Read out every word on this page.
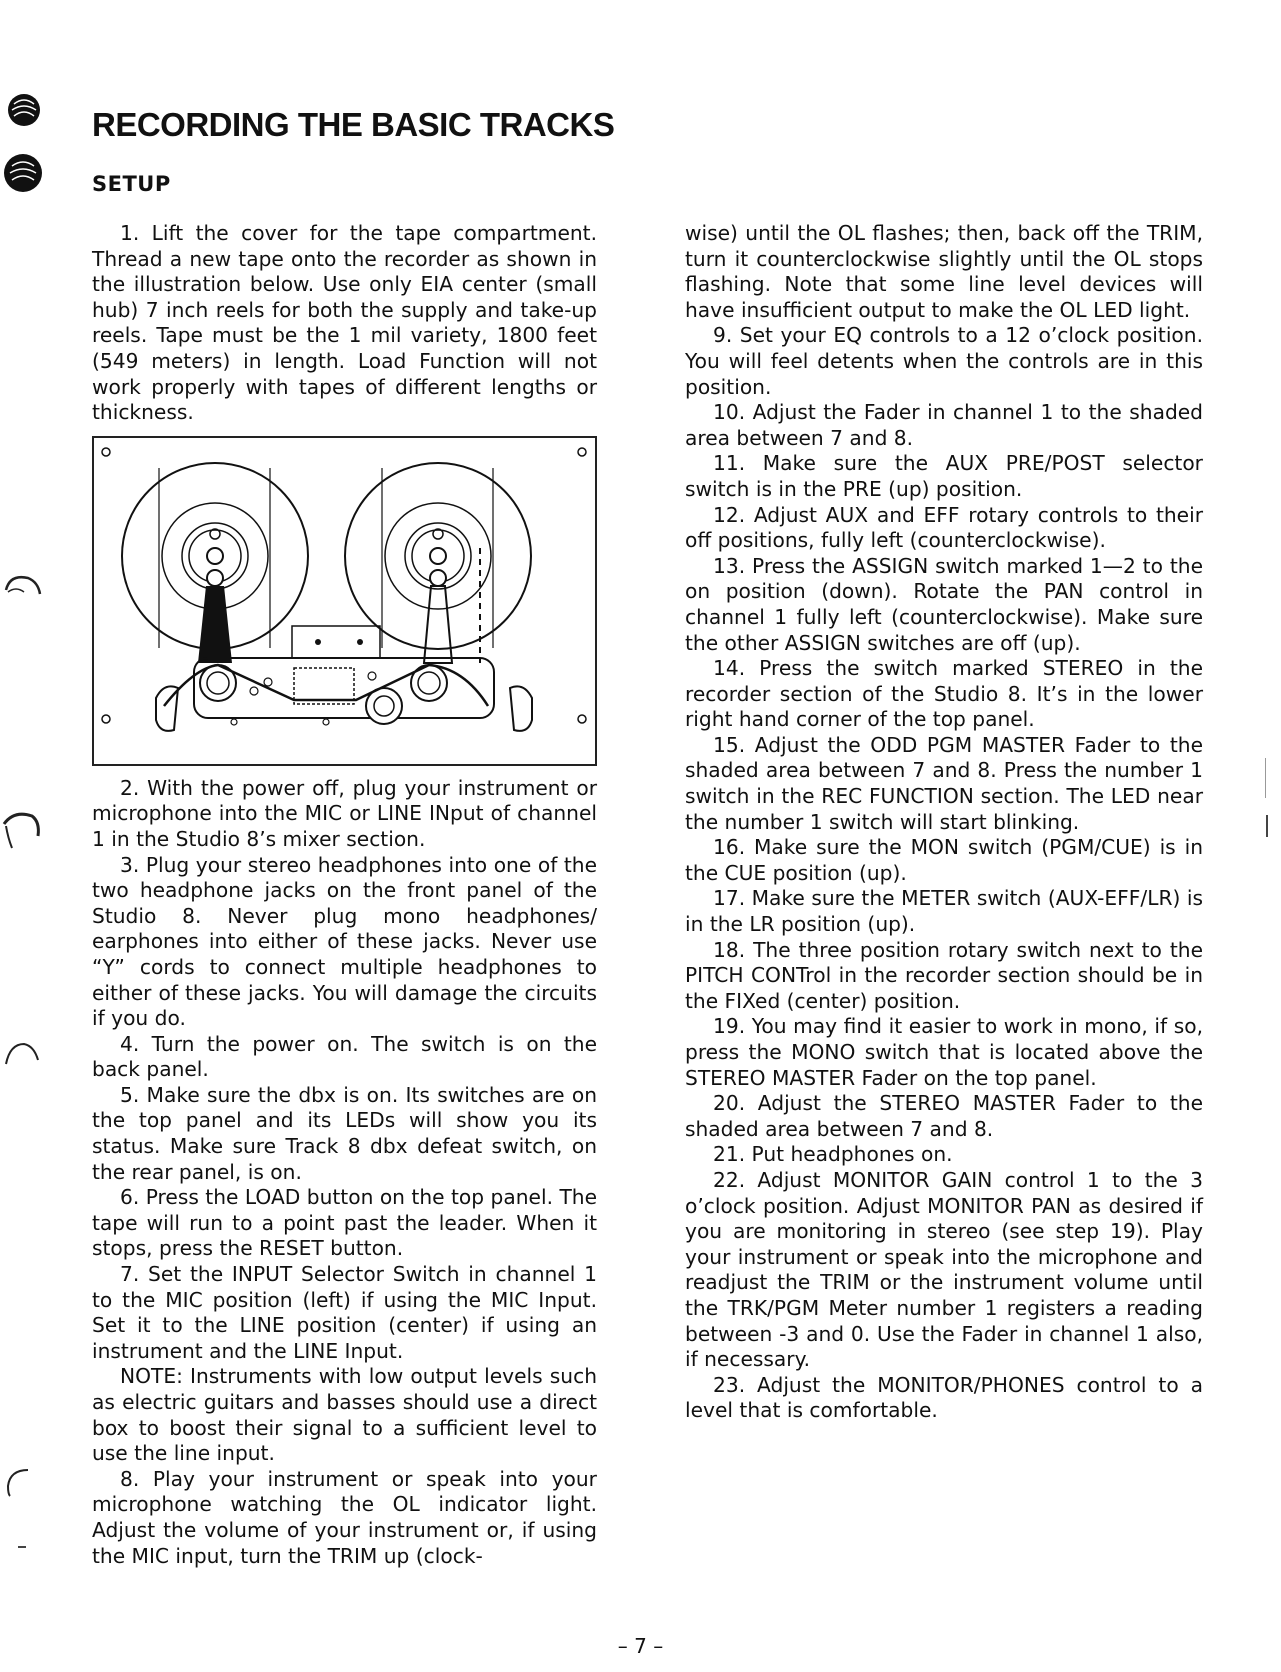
RECORDING THE BASIC TRACKS
SETUP

1. Lift the cover for the tape compartment. Thread a new tape onto the recorder as shown in the illustration below. Use only EIA center (small hub) 7 inch reels for both the supply and take-up reels. Tape must be the 1 mil variety, 1800 feet (549 meters) in length. Load Function will not work properly with tapes of different lengths or thickness.

2. With the power off, plug your instrument or microphone into the MIC or LINE INput of channel 1 in the Studio 8’s mixer section.

3. Plug your stereo headphones into one of the two headphone jacks on the front panel of the Studio 8. Never plug mono headphones/ earphones into either of these jacks. Never use “Y” cords to connect multiple headphones to either of these jacks. You will damage the circuits if you do.

4. Turn the power on. The switch is on the back panel.

5. Make sure the dbx is on. Its switches are on the top panel and its LEDs will show you its status. Make sure Track 8 dbx defeat switch, on the rear panel, is on.

6. Press the LOAD button on the top panel. The tape will run to a point past the leader. When it stops, press the RESET button.

7. Set the INPUT Selector Switch in channel 1 to the MIC position (left) if using the MIC Input. Set it to the LINE position (center) if using an instrument and the LINE Input.

NOTE: Instruments with low output levels such as electric guitars and basses should use a direct box to boost their signal to a sufficient level to use the line input.

8. Play your instrument or speak into your microphone watching the OL indicator light. Adjust the volume of your instrument or, if using the MIC input, turn the TRIM up (clock-

wise) until the OL flashes; then, back off the TRIM, turn it counterclockwise slightly until the OL stops flashing. Note that some line level devices will have insufficient output to make the OL LED light.

9. Set your EQ controls to a 12 o’clock position. You will feel detents when the controls are in this position.

10. Adjust the Fader in channel 1 to the shaded area between 7 and 8.

11. Make sure the AUX PRE/POST selector switch is in the PRE (up) position.

12. Adjust AUX and EFF rotary controls to their off positions, fully left (counterclockwise).

13. Press the ASSIGN switch marked 1—2 to the on position (down). Rotate the PAN control in channel 1 fully left (counterclockwise). Make sure the other ASSIGN switches are off (up).

14. Press the switch marked STEREO in the recorder section of the Studio 8. It’s in the lower right hand corner of the top panel.

15. Adjust the ODD PGM MASTER Fader to the shaded area between 7 and 8. Press the number 1 switch in the REC FUNCTION section. The LED near the number 1 switch will start blinking.

16. Make sure the MON switch (PGM/CUE) is in the CUE position (up).

17. Make sure the METER switch (AUX-EFF/LR) is in the LR position (up).

18. The three position rotary switch next to the PITCH CONTrol in the recorder section should be in the FIXed (center) position.

19. You may find it easier to work in mono, if so, press the MONO switch that is located above the STEREO MASTER Fader on the top panel.

20. Adjust the STEREO MASTER Fader to the shaded area between 7 and 8.

21. Put headphones on.

22. Adjust MONITOR GAIN control 1 to the 3 o’clock position. Adjust MONITOR PAN as desired if you are monitoring in stereo (see step 19). Play your instrument or speak into the microphone and readjust the TRIM or the instrument volume until the TRK/PGM Meter number 1 registers a reading between -3 and 0. Use the Fader in channel 1 also, if necessary.

23. Adjust the MONITOR/PHONES control to a level that is comfortable.

– 7 –
